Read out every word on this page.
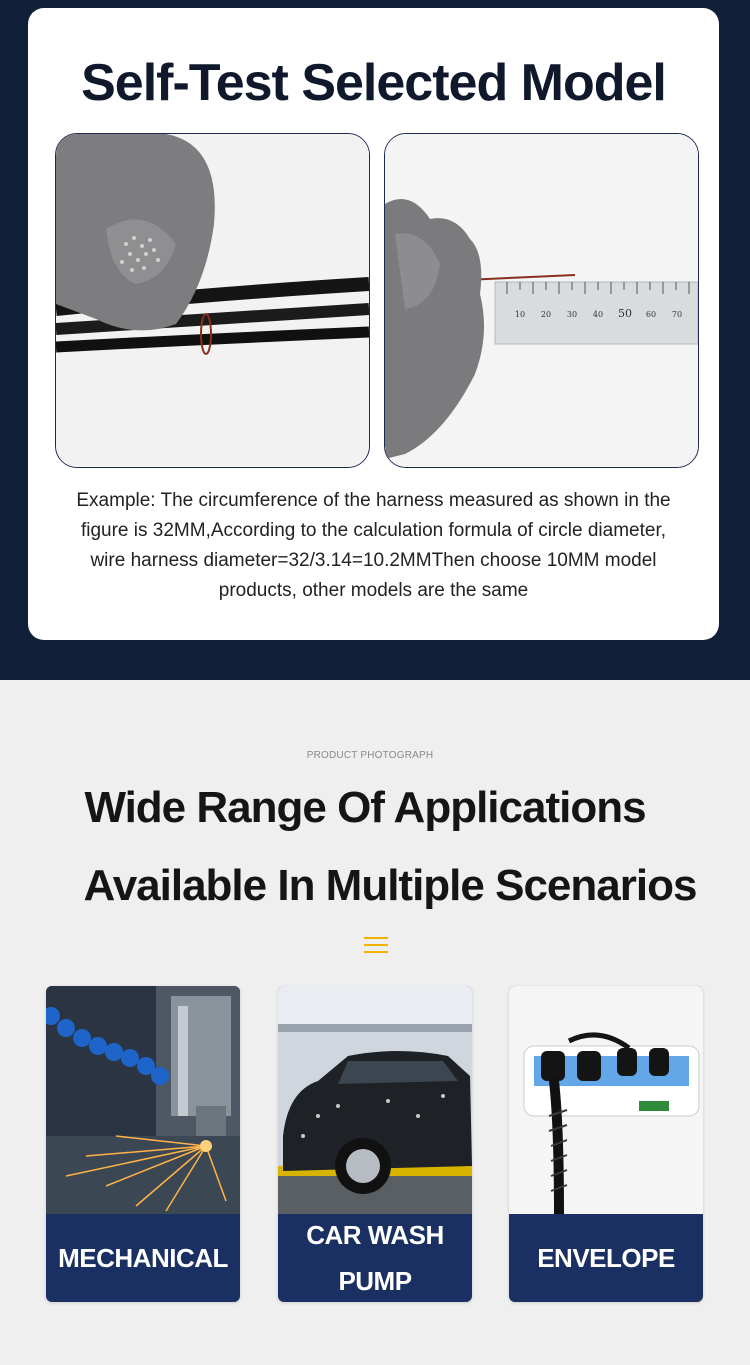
Self-Test Selected Model
10 20 30 40 50 60 70

Example: The circumference of the harness measured as shown in the figure is 32MM,According to the calculation formula of circle diameter, wire harness diameter=32/3.14=10.2MMThen choose 10MM model products, other models are the same

PRODUCT PHOTOGRAPH
Wide Range Of Applications
Available In Multiple Scenarios
MECHANICAL
CAR WASH PUMP
ENVELOPE
